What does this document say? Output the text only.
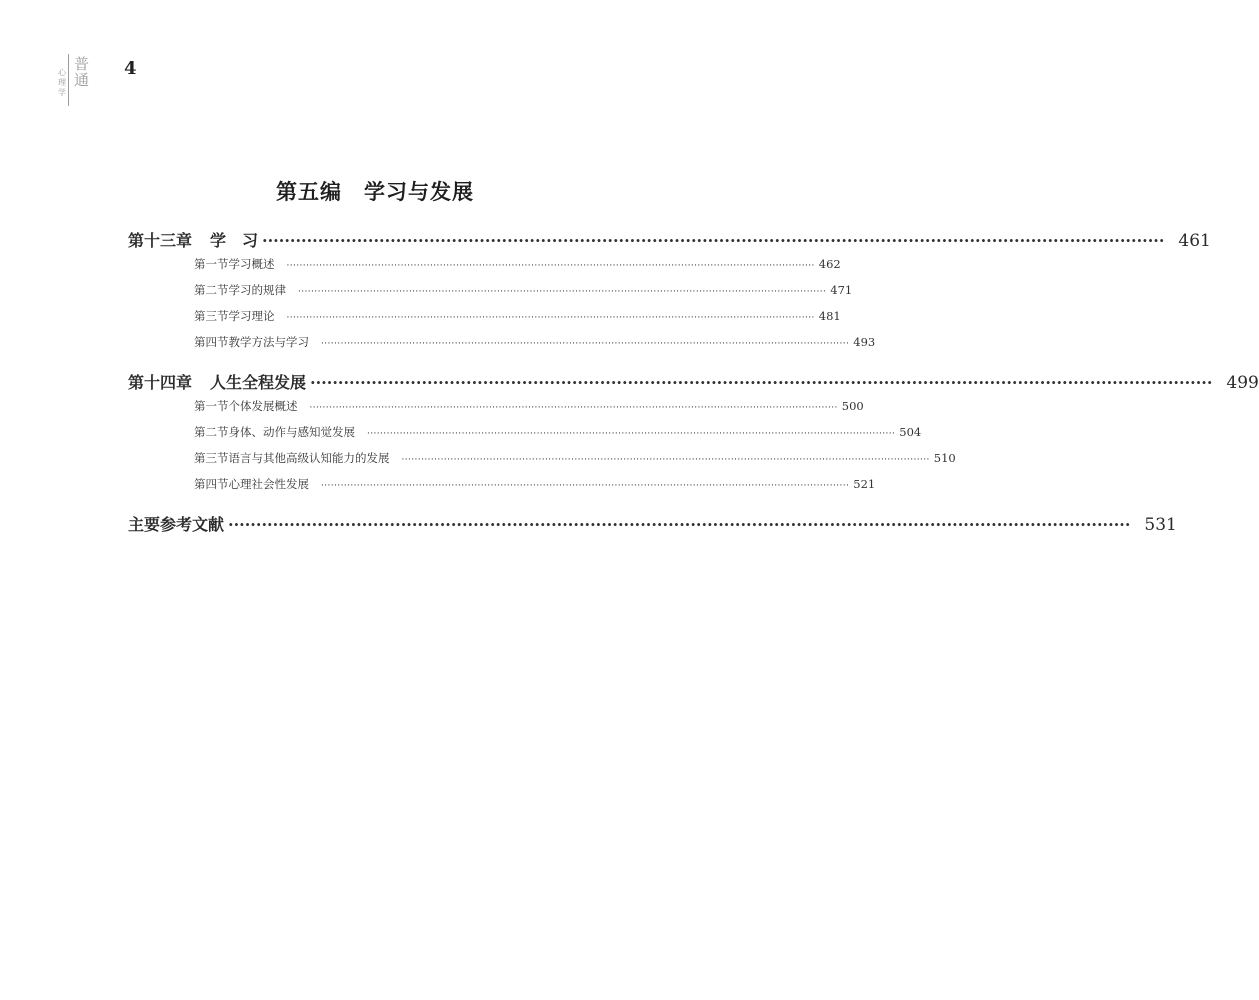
普通
心理学
4
第五编　学习与发展
第十三章 学　习 ·································································································································································· 461
第一节 学习概述 ·································································································································································· 462
第二节 学习的规律 ·································································································································································· 471
第三节 学习理论 ·································································································································································· 481
第四节 教学方法与学习 ·································································································································································· 493
第十四章 人生全程发展 ·································································································································································· 499
第一节 个体发展概述 ·································································································································································· 500
第二节 身体、动作与感知觉发展 ·································································································································································· 504
第三节 语言与其他高级认知能力的发展 ·································································································································································· 510
第四节 心理社会性发展 ·································································································································································· 521
主要参考文献 ·································································································································································· 531
